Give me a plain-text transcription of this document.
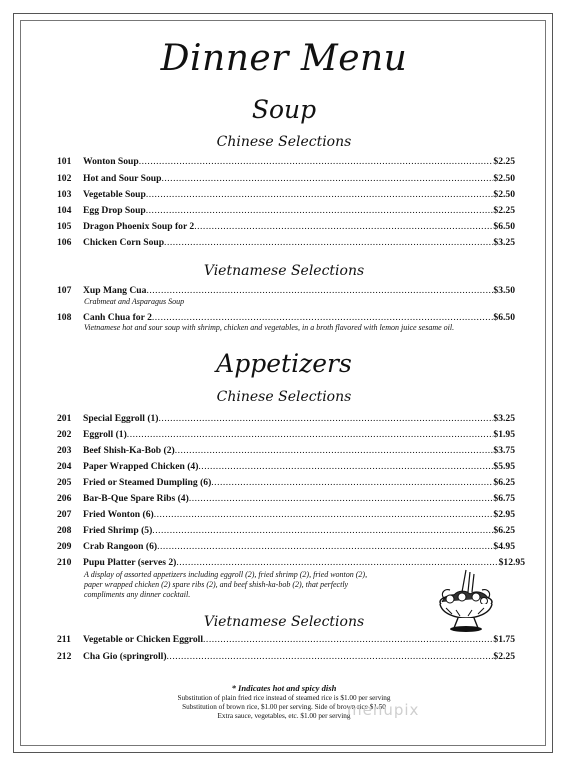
Dinner Menu
Soup
Chinese Selections
101	Wonton Soup .....	$2.25
102	Hot and Sour Soup .....	$2.50
103	Vegetable Soup .....	$2.50
104	Egg Drop Soup .....	$2.25
105	Dragon Phoenix Soup for 2 .....	$6.50
106	Chicken Corn Soup .....	$3.25
Vietnamese Selections
107	Xup Mang Cua .....	$3.50

Crabmeat and Asparagus Soup

108	Canh Chua for 2 .....	$6.50

Vietnamese hot and sour soup with shrimp, chicken and vegetables, in a broth flavored with lemon juice sesame oil.

Appetizers
Chinese Selections
201	Special Eggroll (1) .....	$3.25
202	Eggroll (1) .....	$1.95
203	Beef Shish-Ka-Bob (2) .....	$3.75
204	Paper Wrapped Chicken (4) .....	$5.95
205	Fried or Steamed Dumpling (6) .....	$6.25
206	Bar-B-Que Spare Ribs (4) .....	$6.75
207	Fried Wonton (6) .....	$2.95
208	Fried Shrimp (5) .....	$6.25
209	Crab Rangoon (6) .....	$4.95
210	Pupu Platter (serves 2) .....	$12.95

A display of assorted appetizers including eggroll (2), fried shrimp (2), fried wonton (2),

paper wrapped chicken (2) spare ribs (2), and beef shish-ka-bob (2), that perfectly

compliments any dinner cocktail.

Vietnamese Selections
211	Vegetable or Chicken Eggroll .....	$1.75
212	Cha Gio (springroll) .....	$2.25

* Indicates hot and spicy dish

Substitution of plain fried rice instead of steamed rice is $1.00 per serving

Substitution of brown rice, $1.00 per serving. Side of brown rice $1.50

Extra sauce, vegetables, etc. $1.00 per serving

menupix
